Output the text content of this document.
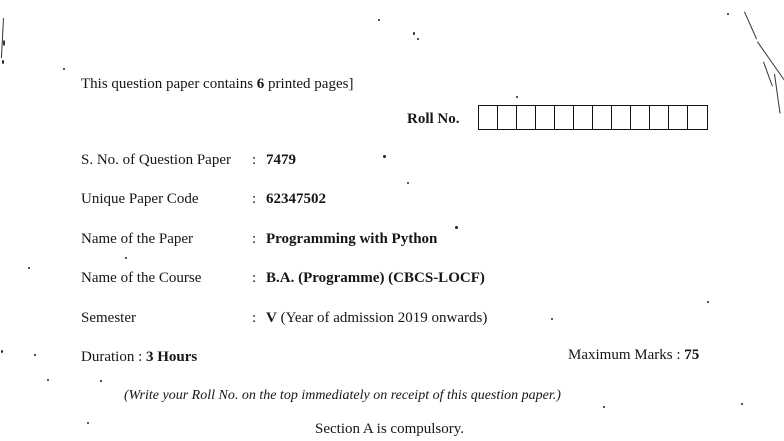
This question paper contains 6 printed pages]
Roll No.
S. No. of Question Paper : 7479
Unique Paper Code	: 62347502
Name of the Paper	: Programming with Python
Name of the Course	: B.A. (Programme) (CBCS-LOCF)
Semester	: V (Year of admission 2019 onwards)
Duration : 3 Hours	Maximum Marks : 75
(Write your Roll No. on the top immediately on receipt of this question paper.)
Section A is compulsory.
